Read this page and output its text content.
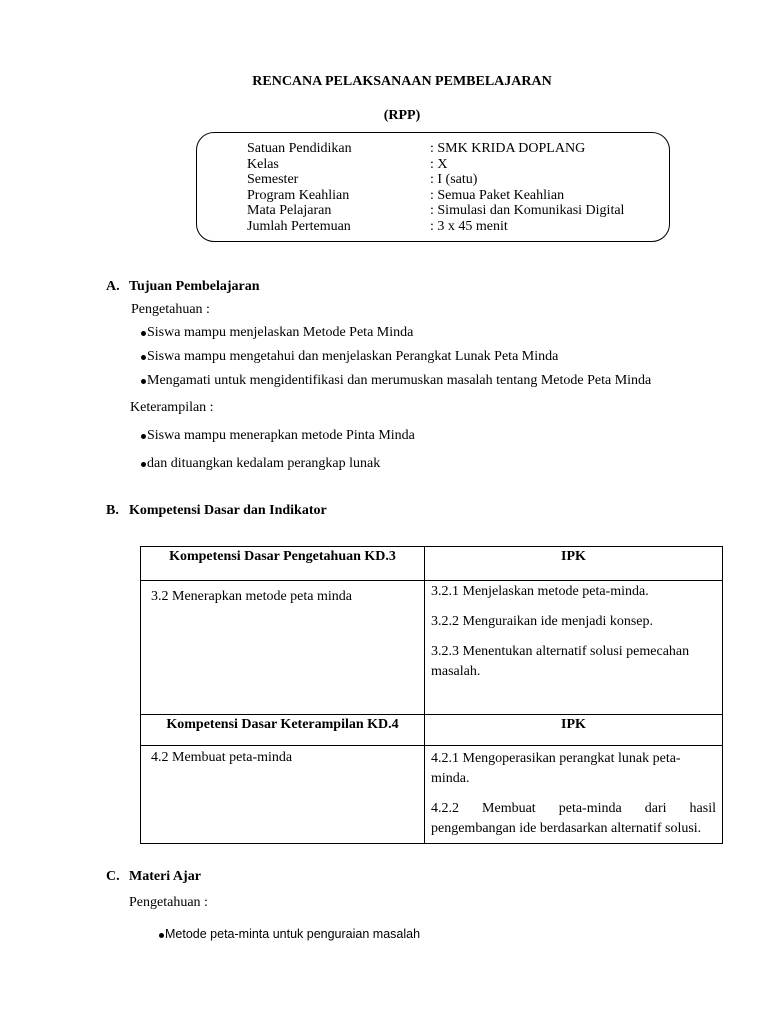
RENCANA PELAKSANAAN PEMBELAJARAN
(RPP)
Satuan Pendidikan	: SMK KRIDA DOPLANG
Kelas	: X
Semester	: I (satu)
Program Keahlian	: Semua Paket Keahlian
Mata Pelajaran	: Simulasi dan Komunikasi Digital
Jumlah Pertemuan	: 3 x 45 menit
A. Tujuan Pembelajaran
Pengetahuan :
Siswa mampu menjelaskan Metode Peta Minda
Siswa mampu mengetahui dan menjelaskan Perangkat Lunak Peta Minda
Mengamati untuk mengidentifikasi dan merumuskan masalah tentang Metode Peta Minda
Keterampilan :
Siswa mampu menerapkan metode Pinta Minda
dan dituangkan kedalam perangkap lunak
B. Kompetensi Dasar dan Indikator
Kompetensi Dasar Pengetahuan KD.3	IPK
3.2 Menerapkan metode peta minda	3.2.1 Menjelaskan metode peta-minda.

3.2.2 Menguraikan ide menjadi konsep.

3.2.3 Menentukan alternatif solusi pemecahan masalah.

Kompetensi Dasar Keterampilan KD.4	IPK
4.2 Membuat peta-minda	4.2.1 Mengoperasikan perangkat lunak peta-minda.

4.2.2 Membuat peta-minda dari hasil pengembangan ide berdasarkan alternatif solusi.

C. Materi Ajar
Pengetahuan :
Metode peta-minta untuk penguraian masalah
